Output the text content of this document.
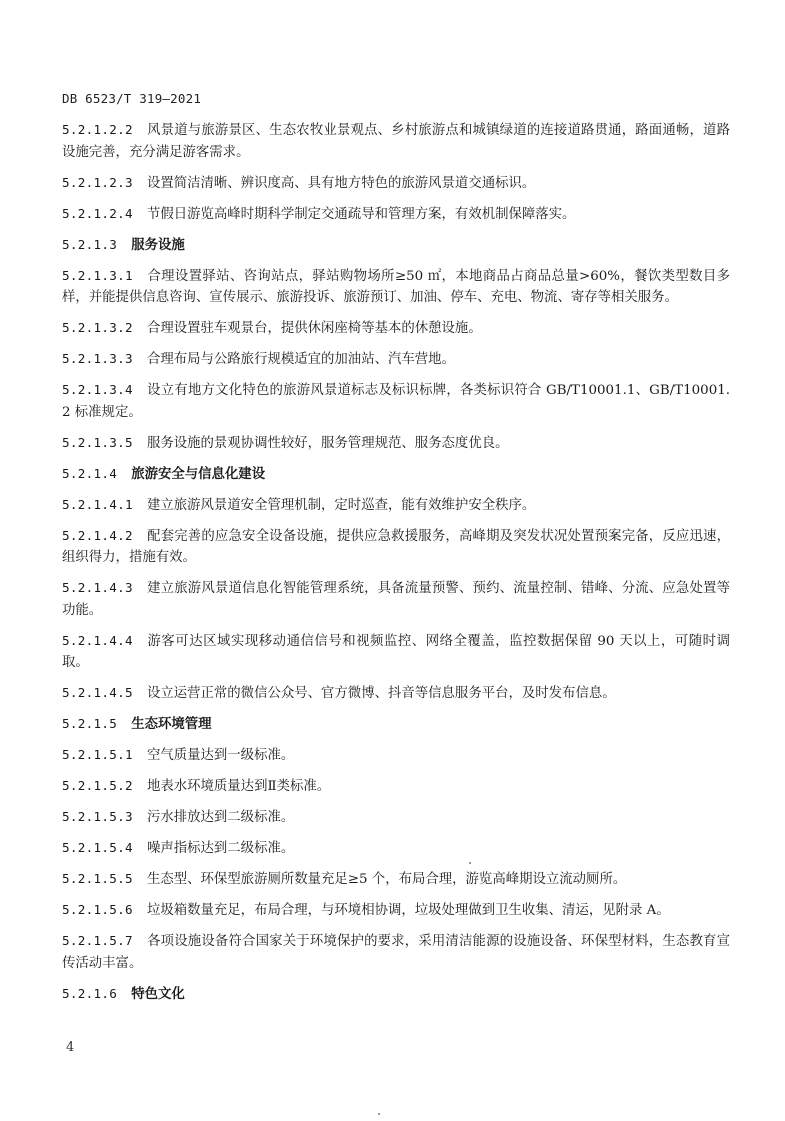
DB 6523/T 319—2021
5.2.1.2.2 风景道与旅游景区、生态农牧业景观点、乡村旅游点和城镇绿道的连接道路贯通，路面通畅，道路设施完善，充分满足游客需求。
5.2.1.2.3 设置简洁清晰、辨识度高、具有地方特色的旅游风景道交通标识。
5.2.1.2.4 节假日游览高峰时期科学制定交通疏导和管理方案，有效机制保障落实。
5.2.1.3 服务设施
5.2.1.3.1 合理设置驿站、咨询站点，驿站购物场所≥50 ㎡，本地商品占商品总量>60%，餐饮类型数目多样，并能提供信息咨询、宣传展示、旅游投诉、旅游预订、加油、停车、充电、物流、寄存等相关服务。
5.2.1.3.2 合理设置驻车观景台，提供休闲座椅等基本的休憩设施。
5.2.1.3.3 合理布局与公路旅行规模适宜的加油站、汽车营地。
5.2.1.3.4 设立有地方文化特色的旅游风景道标志及标识标牌，各类标识符合 GB/T10001.1、GB/T10001.2 标准规定。
5.2.1.3.5 服务设施的景观协调性较好，服务管理规范、服务态度优良。
5.2.1.4 旅游安全与信息化建设
5.2.1.4.1 建立旅游风景道安全管理机制，定时巡查，能有效维护安全秩序。
5.2.1.4.2 配套完善的应急安全设备设施，提供应急救援服务，高峰期及突发状况处置预案完备，反应迅速，组织得力，措施有效。
5.2.1.4.3 建立旅游风景道信息化智能管理系统，具备流量预警、预约、流量控制、错峰、分流、应急处置等功能。
5.2.1.4.4 游客可达区域实现移动通信信号和视频监控、网络全覆盖，监控数据保留 90 天以上，可随时调取。
5.2.1.4.5 设立运营正常的微信公众号、官方微博、抖音等信息服务平台，及时发布信息。
5.2.1.5 生态环境管理
5.2.1.5.1 空气质量达到一级标准。
5.2.1.5.2 地表水环境质量达到Ⅱ类标准。
5.2.1.5.3 污水排放达到二级标准。
5.2.1.5.4 噪声指标达到二级标准。
5.2.1.5.5 生态型、环保型旅游厕所数量充足≥5 个，布局合理，游览高峰期设立流动厕所。
5.2.1.5.6 垃圾箱数量充足，布局合理，与环境相协调，垃圾处理做到卫生收集、清运，见附录 A。
5.2.1.5.7 各项设施设备符合国家关于环境保护的要求，采用清洁能源的设施设备、环保型材料，生态教育宣传活动丰富。
5.2.1.6 特色文化
4
